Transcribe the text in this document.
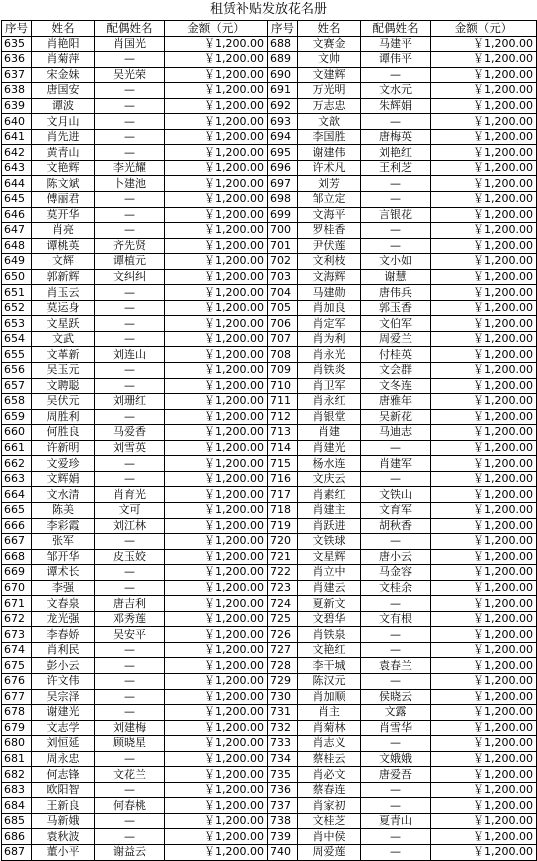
租赁补贴发放花名册
序号	姓名	配偶姓名	金额（元）	序号	姓名	配偶姓名	金额（元）
635	肖艳阳	肖国光	￥1,200.00	688	文赛金	马建平	￥1,200.00
636	肖菊萍	—	￥1,200.00	689	文帅	谭伟平	￥1,200.00
637	宋金妹	吴光荣	￥1,200.00	690	文建辉	—	￥1,200.00
638	唐国安	—	￥1,200.00	691	万光明	文水元	￥1,200.00
639	谭波	—	￥1,200.00	692	万志忠	朱辉娟	￥1,200.00
640	文月山	—	￥1,200.00	693	文歆	—	￥1,200.00
641	肖先进	—	￥1,200.00	694	李国胜	唐梅英	￥1,200.00
642	黄青山	—	￥1,200.00	695	谢建伟	刘艳红	￥1,200.00
643	文艳辉	李光耀	￥1,200.00	696	许术凡	王利芝	￥1,200.00
644	陈文斌	卜建池	￥1,200.00	697	刘芳	—	￥1,200.00
645	傅丽君	—	￥1,200.00	698	邹立定	—	￥1,200.00
646	莫开华	—	￥1,200.00	699	文海平	言银花	￥1,200.00
647	肖亮	—	￥1,200.00	700	罗桂香	—	￥1,200.00
648	谭桃英	齐先贤	￥1,200.00	701	尹伏莲	—	￥1,200.00
649	文辉	谭植元	￥1,200.00	702	文利枝	文小如	￥1,200.00
650	郭新辉	文纠纠	￥1,200.00	703	文海辉	谢慧	￥1,200.00
651	肖玉云	—	￥1,200.00	704	马建勋	唐伟兵	￥1,200.00
652	莫运身	—	￥1,200.00	705	肖加良	郭玉香	￥1,200.00
653	文星跃	—	￥1,200.00	706	肖定军	文伯军	￥1,200.00
654	文武	—	￥1,200.00	707	肖为利	周爱兰	￥1,200.00
655	文革新	刘连山	￥1,200.00	708	肖永光	付桂英	￥1,200.00
656	吴玉元	—	￥1,200.00	709	肖铁炎	文会群	￥1,200.00
657	文聘聪	—	￥1,200.00	710	肖卫军	文冬连	￥1,200.00
658	吴伏元	刘珊红	￥1,200.00	711	肖永红	唐雅年	￥1,200.00
659	周胜利	—	￥1,200.00	712	肖银堂	吴新花	￥1,200.00
660	何胜良	马爱香	￥1,200.00	713	肖建	马迪志	￥1,200.00
661	许新明	刘雪英	￥1,200.00	714	肖建光	—	￥1,200.00
662	文爱珍	—	￥1,200.00	715	杨水连	肖建军	￥1,200.00
663	文辉娟	—	￥1,200.00	716	文庆云	—	￥1,200.00
664	文水清	肖育光	￥1,200.00	717	肖素红	文铁山	￥1,200.00
665	陈美	文可	￥1,200.00	718	肖建主	文育军	￥1,200.00
666	李彩霞	刘江林	￥1,200.00	719	肖跃进	胡秋香	￥1,200.00
667	张军	—	￥1,200.00	720	文铁球	—	￥1,200.00
668	邹开华	皮玉姣	￥1,200.00	721	文星辉	唐小云	￥1,200.00
669	谭术长	—	￥1,200.00	722	肖立中	马金容	￥1,200.00
670	李强	—	￥1,200.00	723	肖建云	文桂余	￥1,200.00
671	文春泉	唐吉利	￥1,200.00	724	夏新文	—	￥1,200.00
672	龙光强	邓秀莲	￥1,200.00	725	文碧华	文有根	￥1,200.00
673	李春娇	吴安平	￥1,200.00	726	肖铁泉	—	￥1,200.00
674	肖利民	—	￥1,200.00	727	文艳红	—	￥1,200.00
675	彭小云	—	￥1,200.00	728	李干城	袁春兰	￥1,200.00
676	许文伟	—	￥1,200.00	729	陈汉元	—	￥1,200.00
677	吴宗泽	—	￥1,200.00	730	肖加顺	侯晓云	￥1,200.00
678	谢建光	—	￥1,200.00	731	肖主	文露	￥1,200.00
679	文志学	刘建梅	￥1,200.00	732	肖菊林	肖雪华	￥1,200.00
680	刘恒延	顾晓星	￥1,200.00	733	肖志义	—	￥1,200.00
681	周永忠	—	￥1,200.00	734	蔡桂云	文娥娥	￥1,200.00
682	何志锋	文花兰	￥1,200.00	735	肖必文	唐爱吾	￥1,200.00
683	欧阳智	—	￥1,200.00	736	蔡春连	—	￥1,200.00
684	王新良	何春桃	￥1,200.00	737	肖家初	—	￥1,200.00
685	马新娥	—	￥1,200.00	738	文桂芝	夏青山	￥1,200.00
686	袁秋波	—	￥1,200.00	739	肖中侯	—	￥1,200.00
687	董小平	谢益云	￥1,200.00	740	周爱莲	—	￥1,200.00
